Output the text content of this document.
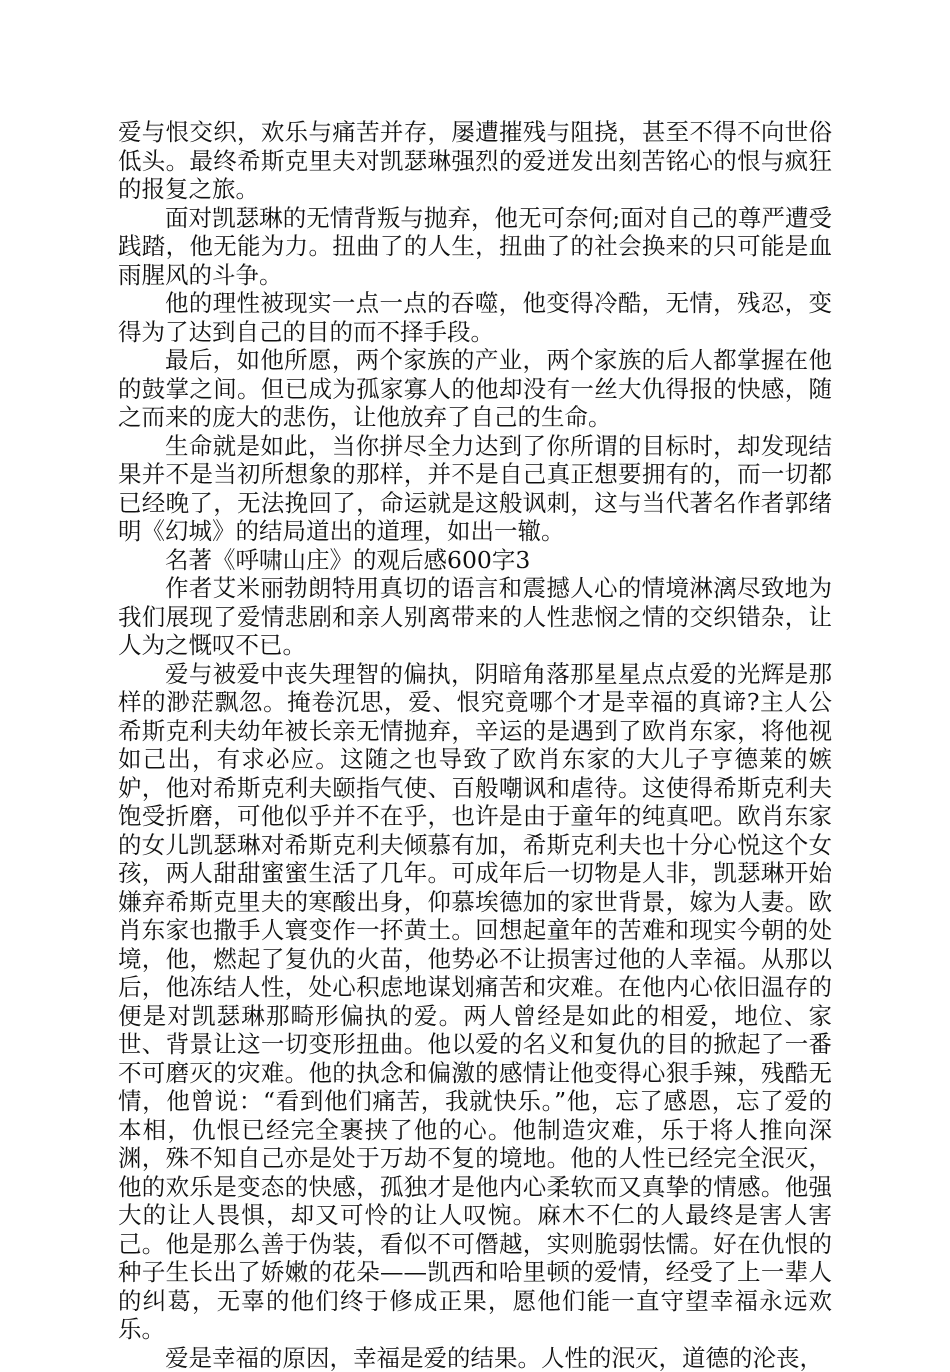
爱与恨交织，欢乐与痛苦并存，屡遭摧残与阻挠，甚至不得不向世俗低头。最终希斯克里夫对凯瑟琳强烈的爱迸发出刻苦铭心的恨与疯狂的报复之旅。

面对凯瑟琳的无情背叛与抛弃，他无可奈何;面对自己的尊严遭受践踏，他无能为力。扭曲了的人生，扭曲了的社会换来的只可能是血雨腥风的斗争。

他的理性被现实一点一点的吞噬，他变得冷酷，无情，残忍，变得为了达到自己的目的而不择手段。

最后，如他所愿，两个家族的产业，两个家族的后人都掌握在他的鼓掌之间。但已成为孤家寡人的他却没有一丝大仇得报的快感，随之而来的庞大的悲伤，让他放弃了自己的生命。

生命就是如此，当你拼尽全力达到了你所谓的目标时，却发现结果并不是当初所想象的那样，并不是自己真正想要拥有的，而一切都已经晚了，无法挽回了，命运就是这般讽刺，这与当代著名作者郭绪明《幻城》的结局道出的道理，如出一辙。

名著《呼啸山庄》的观后感600字3

作者艾米丽勃朗特用真切的语言和震撼人心的情境淋漓尽致地为我们展现了爱情悲剧和亲人别离带来的人性悲悯之情的交织错杂，让人为之慨叹不已。

爱与被爱中丧失理智的偏执，阴暗角落那星星点点爱的光辉是那样的渺茫飘忽。掩卷沉思，爱、恨究竟哪个才是幸福的真谛?主人公希斯克利夫幼年被长亲无情抛弃，辛运的是遇到了欧肖东家，将他视如己出，有求必应。这随之也导致了欧肖东家的大儿子亨德莱的嫉妒，他对希斯克利夫颐指气使、百般嘲讽和虐待。这使得希斯克利夫饱受折磨，可他似乎并不在乎，也许是由于童年的纯真吧。欧肖东家的女儿凯瑟琳对希斯克利夫倾慕有加，希斯克利夫也十分心悦这个女孩，两人甜甜蜜蜜生活了几年。可成年后一切物是人非，凯瑟琳开始嫌弃希斯克里夫的寒酸出身，仰慕埃德加的家世背景，嫁为人妻。欧肖东家也撒手人寰变作一抔黄土。回想起童年的苦难和现实今朝的处境，他，燃起了复仇的火苗，他势必不让损害过他的人幸福。从那以后，他冻结人性，处心积虑地谋划痛苦和灾难。在他内心依旧温存的便是对凯瑟琳那畸形偏执的爱。两人曾经是如此的相爱，地位、家世、背景让这一切变形扭曲。他以爱的名义和复仇的目的掀起了一番不可磨灭的灾难。他的执念和偏激的感情让他变得心狠手辣，残酷无情，他曾说：“看到他们痛苦，我就快乐。”他，忘了感恩，忘了爱的本相，仇恨已经完全裹挟了他的心。他制造灾难，乐于将人推向深渊，殊不知自己亦是处于万劫不复的境地。他的人性已经完全泯灭，他的欢乐是变态的快感，孤独才是他内心柔软而又真挚的情感。他强大的让人畏惧，却又可怜的让人叹惋。麻木不仁的人最终是害人害己。他是那么善于伪装，看似不可僭越，实则脆弱怯懦。好在仇恨的种子生长出了娇嫩的花朵——凯西和哈里顿的爱情，经受了上一辈人的纠葛，无辜的他们终于修成正果，愿他们能一直守望幸福永远欢乐。

爱是幸福的原因，幸福是爱的结果。人性的泯灭，道德的沦丧，
